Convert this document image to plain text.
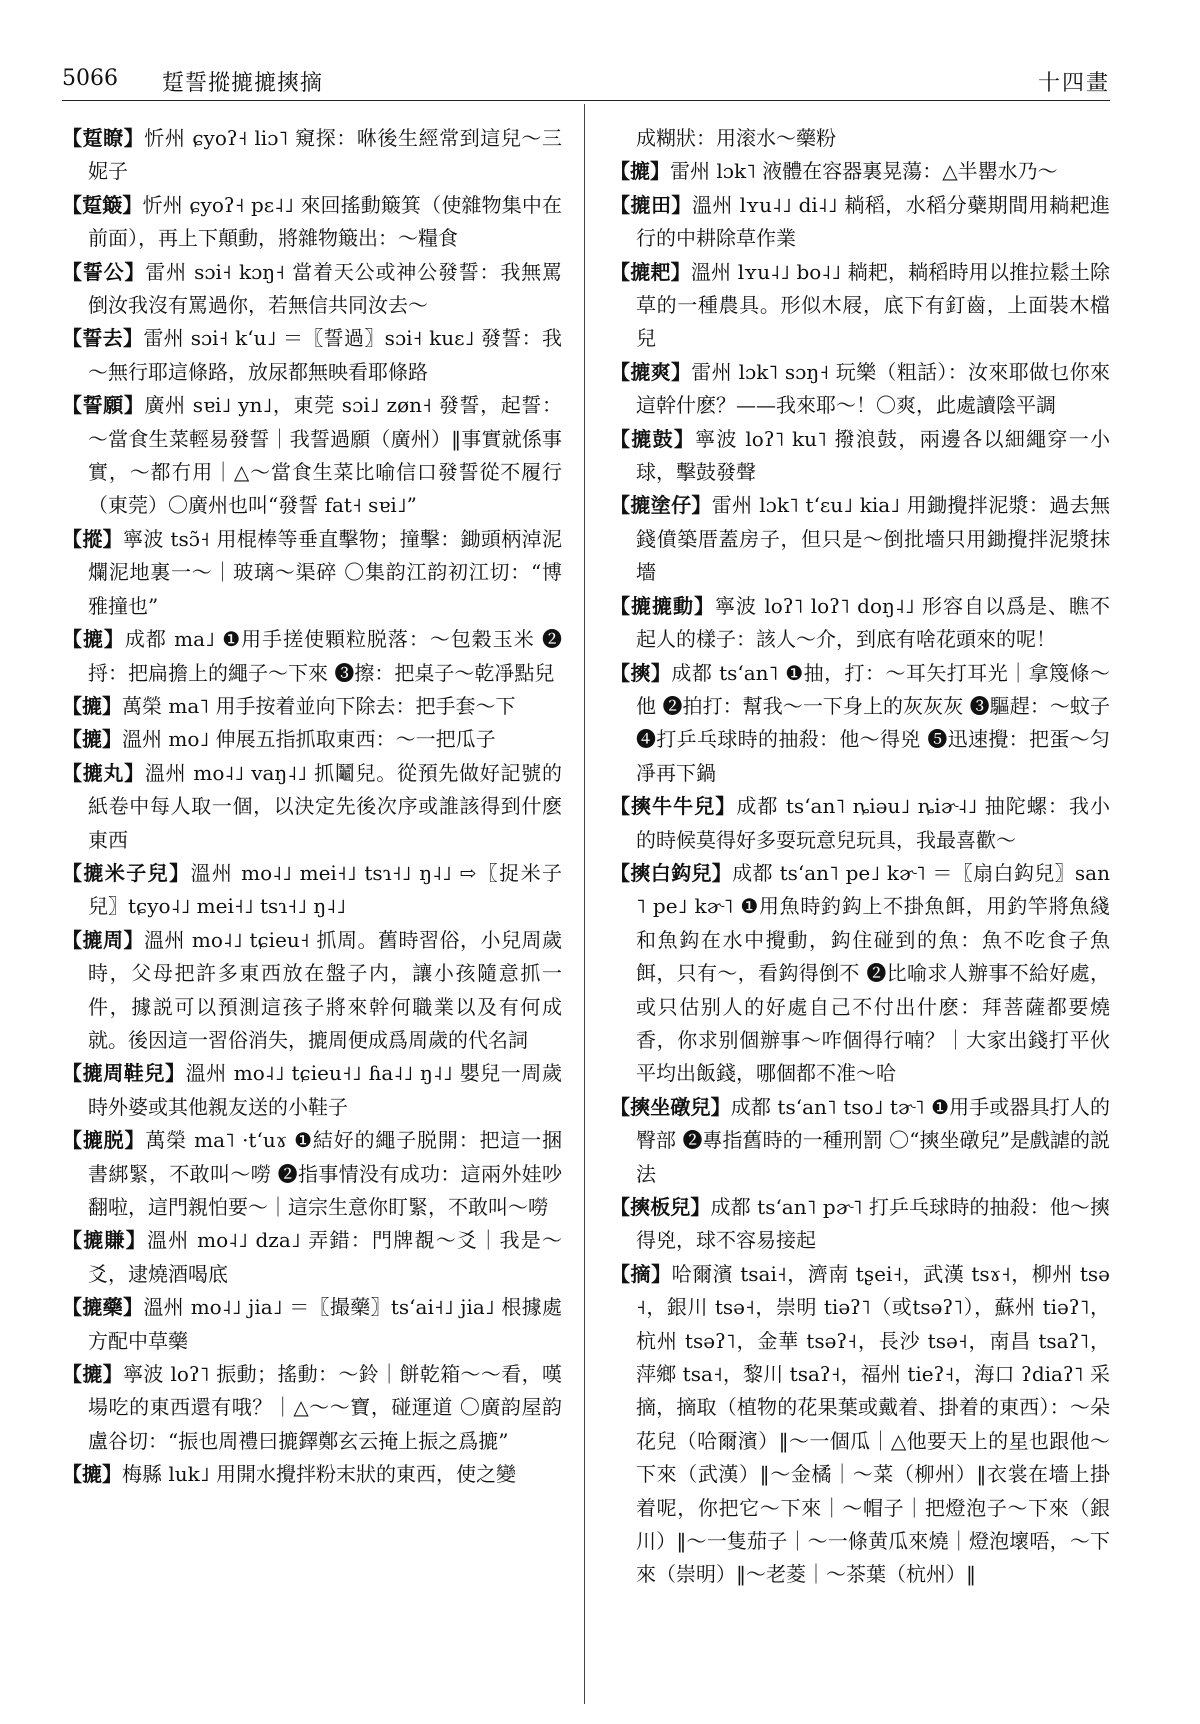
5066 踅誓摐摝摝摤摘	十四畫

【踅瞭】忻州 ɕyoʔ˧ liɔ˥ 窺探：咻後生經常到這兒～三妮子

【踅簸】忻州 ɕyoʔ˧ pɛ˨˩ 來回搖動簸箕（使雜物集中在前面），再上下顛動，將雜物簸出：～糧食

【誓公】雷州 sɔi˧ kɔŋ˧ 當着天公或神公發誓：我無罵倒汝我沒有罵過你，若無信共同汝去～

【誓去】雷州 sɔi˧ kʻu˩ ＝〖誓過〗sɔi˧ kuɛ˩ 發誓：我～無行耶這條路，放尿都無映看耶條路

【誓願】廣州 sɐi˩ yn˩，東莞 sɔi˩ zøn˧ 發誓，起誓：～當食生菜輕易發誓｜我誓過願（廣州）‖事實就係事實，～都冇用｜△～當食生菜比喻信口發誓從不履行（東莞）〇廣州也叫“發誓 fat˧ sɐi˩”

【摐】寧波 tsɔ̃˧ 用棍棒等垂直擊物；撞擊：鋤頭柄淖泥爛泥地裏一～｜玻璃～渠碎 〇集韵江韵初江切：“博雅撞也”

【摝】成都 ma˩ ❶用手搓使顆粒脱落：～包穀玉米 ❷捋：把扁擔上的繩子～下來 ❸擦：把桌子～乾凈點兒

【摝】萬榮 ma˥ 用手按着並向下除去：把手套～下

【摝】溫州 mo˩ 伸展五指抓取東西：～一把瓜子

【摝丸】溫州 mo˨˩ vaŋ˨˩ 抓鬮兒。從預先做好記號的紙卷中每人取一個，以決定先後次序或誰該得到什麽東西

【摝米子兒】溫州 mo˨˩ mei˧˩ tsɿ˧˩ ŋ˨˩ ⇨〖捉米子兒〗tɕyo˨˩ mei˧˩ tsɿ˧˩ ŋ˨˩

【摝周】溫州 mo˨˩ tɕieu˧ 抓周。舊時習俗，小兒周歲時，父母把許多東西放在盤子内，讓小孩隨意抓一件，據説可以預測這孩子將來幹何職業以及有何成就。後因這一習俗消失，摝周便成爲周歲的代名詞

【摝周鞋兒】溫州 mo˨˩ tɕieu˧˩ ɦa˨˩ ŋ˨˩ 嬰兒一周歲時外婆或其他親友送的小鞋子

【摝脱】萬榮 ma˥ ·tʻuɤ ❶結好的繩子脱開：把這一捆書綁緊，不敢叫～嘮 ❷指事情没有成功：這兩外娃吵翻啦，這門親怕要～｜這宗生意你盯緊，不敢叫～嘮

【摝賺】溫州 mo˨˩ dza˩ 弄錯：門牌覩～爻｜我是～爻，逮燒酒喝底

【摝藥】溫州 mo˨˩ jia˩ ＝〖撮藥〗tsʻai˧˩ jia˩ 根據處方配中草藥

【摝】寧波 loʔ˥ 振動；搖動：～鈴｜餅乾箱～～看，嘆場吃的東西還有哦？｜△～～寶，碰運道 〇廣韵屋韵盧谷切：“振也周禮曰摝鐸鄭玄云掩上振之爲摝”

【摝】梅縣 luk˩ 用開水攪拌粉末狀的東西，使之變

成糊狀：用滚水～藥粉

【摝】雷州 lɔk˥ 液體在容器裏晃蕩：△半罌水乃～

【摝田】溫州 lʏu˨˩ di˨˩ 耥稻，水稻分蘗期間用耥耙進行的中耕除草作業

【摝耙】溫州 lʏu˨˩ bo˨˩ 耥耙，耥稻時用以推拉鬆土除草的一種農具。形似木屐，底下有釘齒，上面裝木檔兒

【摝爽】雷州 lɔk˥ sɔŋ˧ 玩樂（粗話）：汝來耶做乜你來這幹什麽？——我來耶～！〇爽，此處讀陰平調

【摝鼓】寧波 loʔ˥ ku˥ 撥浪鼓，兩邊各以細繩穿一小球，擊鼓發聲

【摝塗仔】雷州 lɔk˥ tʻɛu˩ kia˩ 用鋤攪拌泥漿：過去無錢僨築厝蓋房子，但只是～倒批墻只用鋤攪拌泥漿抹墻

【摝摝動】寧波 loʔ˥ loʔ˥ doŋ˨˩ 形容自以爲是、瞧不起人的樣子：該人～介，到底有啥花頭來的呢！

【摤】成都 tsʻan˥ ❶抽，打：～耳矢打耳光｜拿篾條～他 ❷拍打：幫我～一下身上的灰灰灰 ❸驅趕：～蚊子 ❹打乒乓球時的抽殺：他～得兇 ❺迅速攪：把蛋～匀凈再下鍋

【摤牛牛兒】成都 tsʻan˥ ȵiəu˩ ȵiɚ˨˩ 抽陀螺：我小的時候莫得好多耍玩意兒玩具，我最喜歡～

【摤白鈎兒】成都 tsʻan˥ pe˩ kɚ˥ ＝〖扇白鈎兒〗san˥ pe˩ kɚ˥ ❶用魚時釣鈎上不掛魚餌，用釣竿將魚綫和魚鈎在水中攪動，鈎住碰到的魚：魚不吃食子魚餌，只有～，看鈎得倒不 ❷比喻求人辦事不給好處，或只估别人的好處自己不付出什麽：拜菩薩都要燒香，你求别個辦事～咋個得行喃？｜大家出錢打平伙平均出飯錢，哪個都不准～哈

【摤坐礅兒】成都 tsʻan˥ tso˩ tɚ˥ ❶用手或器具打人的臀部 ❷專指舊時的一種刑罰 〇“摤坐礅兒”是戲謔的説法

【摤板兒】成都 tsʻan˥ pɚ˥ 打乒乓球時的抽殺：他～摤得兇，球不容易接起

【摘】哈爾濱 tsai˧，濟南 tʂei˧，武漢 tsɤ˧，柳州 tsə˧，銀川 tsə˧，崇明 tiəʔ˥（或tsəʔ˥），蘇州 tiəʔ˥，杭州 tsəʔ˥，金華 tsəʔ˧，長沙 tsə˧，南昌 tsaʔ˥，萍鄉 tsa˧，黎川 tsaʔ˧，福州 tieʔ˧，海口 ʔdiaʔ˥ 采摘，摘取（植物的花果葉或戴着、掛着的東西）：～朵花兒（哈爾濱）‖～一個瓜｜△他要天上的星也跟他～下來（武漢）‖～金橘｜～菜（柳州）‖衣裳在墻上掛着呢，你把它～下來｜～帽子｜把燈泡子～下來（銀川）‖～一隻茄子｜～一條黄瓜來燒｜燈泡壞唔，～下來（崇明）‖～老菱｜～茶葉（杭州）‖
